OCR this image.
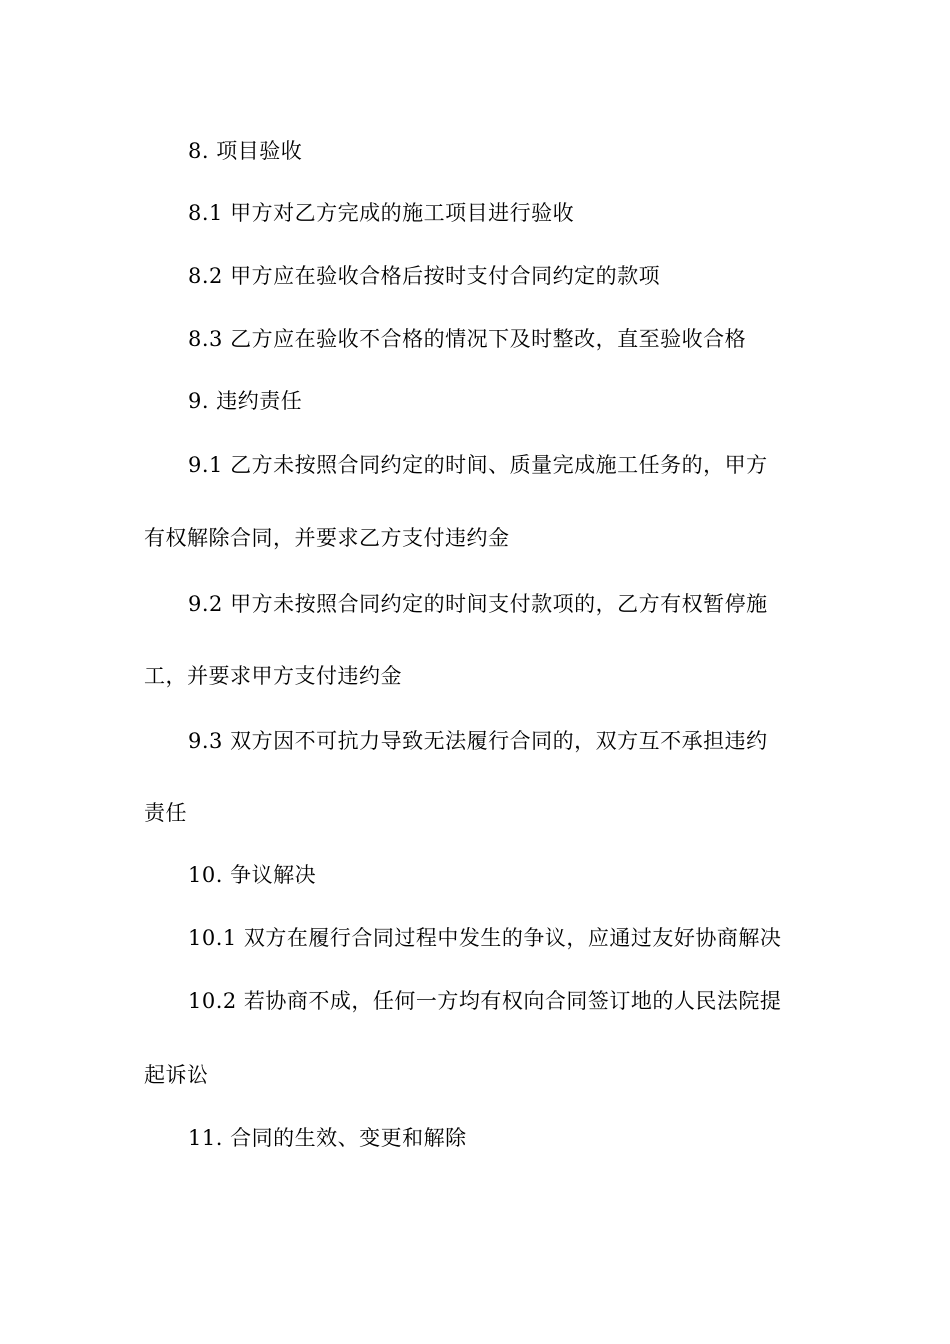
8. 项目验收
8.1 甲方对乙方完成的施工项目进行验收
8.2 甲方应在验收合格后按时支付合同约定的款项
8.3 乙方应在验收不合格的情况下及时整改，直至验收合格
9. 违约责任
9.1 乙方未按照合同约定的时间、质量完成施工任务的，甲方
有权解除合同，并要求乙方支付违约金
9.2 甲方未按照合同约定的时间支付款项的，乙方有权暂停施
工，并要求甲方支付违约金
9.3 双方因不可抗力导致无法履行合同的，双方互不承担违约
责任
10. 争议解决
10.1 双方在履行合同过程中发生的争议，应通过友好协商解决
10.2 若协商不成，任何一方均有权向合同签订地的人民法院提
起诉讼
11. 合同的生效、变更和解除
